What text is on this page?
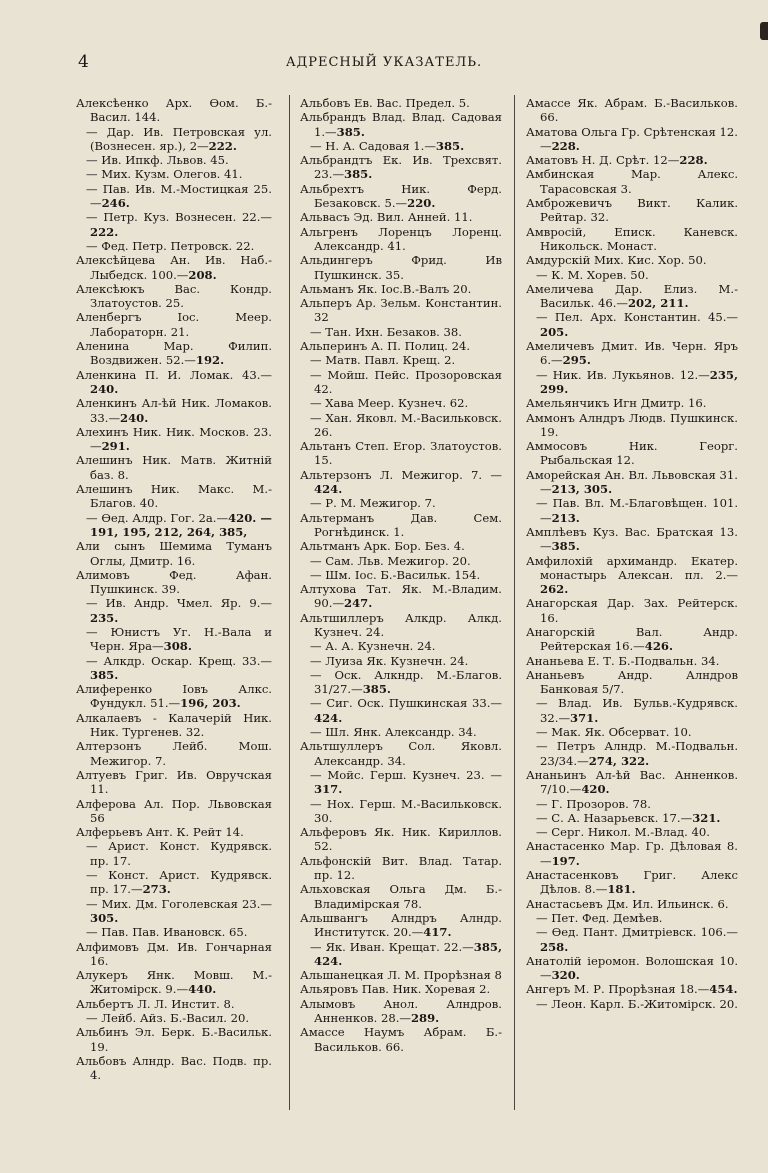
4	АДРЕСНЫЙ УКАЗАТЕЛЬ.
Алексѣенко Арх. Ѳом. Б.-Васил. 144.
— Дар. Ив. Петровская ул. (Вознесен. яр.), 2—222.
— Ив. Ипкф. Львов. 45.
— Мих. Кузм. Олегов. 41.
— Пав. Ив. М.-Мостицкая 25.—246.
— Петр. Куз. Вознесен. 22.—222.
— Фед. Петр. Петровск. 22.
Алексѣйцева Ан. Ив. Наб.-Лыбедск. 100.—208.
Алексѣюкъ Вас. Кондр. Златоустов. 25.
Аленбергъ Іос. Меер. Лабораторн. 21.
Аленина Мар. Филип. Воздвижен. 52.—192.
Аленкина П. И. Ломак. 43.—240.
Аленкинъ Ал-ѣй Ник. Ломаков. 33.—240.
Алехинъ Ник. Ник. Москов. 23.—291.
Алешинъ Ник. Матв. Житній баз. 8.
Алешинъ Ник. Макс. М.-Благов. 40.
— Ѳед. Алдр. Гог. 2а.—420. —191, 195, 212, 264, 385,
Али сынъ Шемима Туманъ Оглы, Дмитр. 16.
Алимовъ Фед. Афан. Пушкинск. 39.
— Ив. Андр. Чмел. Яр. 9.—235.
— Юнистъ Уг. Н.-Вала и Черн. Яра—308.
— Алкдр. Оскар. Крещ. 33.—385.
Алиференко Іовъ Алкс. Фундукл. 51.—196, 203.
Алкалаевъ - Калачерій Ник. Ник. Тургенев. 32.
Алтерзонъ Лейб. Мош. Межигор. 7.
Алтуевъ Григ. Ив. Овручская 11.
Алферова Ал. Пор. Львовская 56
Алферьевъ Ант. К. Рейт 14.
— Арист. Конст. Кудрявск. пр. 17.
— Конст. Арист. Кудрявск. пр. 17.—273.
— Мих. Дм. Гоголевская 23.—305.
— Пав. Пав. Ивановск. 65.
Алфимовъ Дм. Ив. Гончарная 16.
Алукеръ Янк. Мовш. М.-Житомірск. 9.—440.
Альбертъ Л. Л. Инстит. 8.
— Лейб. Айз. Б.-Васил. 20.
Альбинъ Эл. Берк. Б.-Васильк. 19.
Альбовъ Алндр. Вас. Подв. пр. 4.
Альбовъ Ев. Вас. Предел. 5.
Альбрандъ Влад. Влад. Садовая 1.—385.
— Н. А. Садовая 1.—385.
Альбрандтъ Ек. Ив. Трехсвят. 23.—385.
Альбрехтъ Ник. Ферд. Безаковск. 5.—220.
Альвасъ Эд. Вил. Анней. 11.
Альгренъ Лоренцъ Лоренц. Александр. 41.
Альдингеръ Фрид. Ив Пушкинск. 35.
Альманъ Як. Іос.В.-Валъ 20.
Альперъ Ар. Зельм. Константин. 32
— Тан. Ихн. Безаков. 38.
Альперинъ А. П. Полиц. 24.
— Матв. Павл. Крещ. 2.
— Мойш. Пейс. Прозоровская 42.
— Хава Меер. Кузнеч. 62.
— Хан. Яковл. М.-Васильковск. 26.
Альтанъ Степ. Егор. Златоустов. 15.
Альтерзонъ Л. Межигор. 7. —424.
— Р. М. Межигор. 7.
Альтерманъ Дав. Сем. Рогнѣдинск. 1.
Альтманъ Арк. Бор. Без. 4.
— Сам. Льв. Межигор. 20.
— Шм. Іос. Б.-Васильк. 154.
Алтухова Тат. Як. М.-Владим. 90.—247.
Альтшиллеръ Алкдр. Алкд. Кузнеч. 24.
— А. А. Кузнечн. 24.
— Луиза Як. Кузнечн. 24.
— Оск. Алкндр. М.-Благов. 31/27.—385.
— Сиг. Оск. Пушкинская 33.—424.
— Шл. Янк. Александр. 34.
Альтшуллеръ Сол. Яковл. Александр. 34.
— Мойс. Герш. Кузнеч. 23. —317.
— Нох. Герш. М.-Васильковск. 30.
Альферовъ Як. Ник. Кириллов. 52.
Альфонскій Вит. Влад. Татар. пр. 12.
Альховская Ольга Дм. Б.-Владимірская 78.
Альшвангъ Алндръ Алндр. Институтск. 20.—417.
— Як. Иван. Крещат. 22.—385, 424.
Альшанецкая Л. М. Прорѣзная 8
Альяровъ Пав. Ник. Хоревая 2.
Алымовъ Анол. Алндров. Анненков. 28.—289.
Амассе Наумъ Абрам. Б.-Васильков. 66.
Амассе Як. Абрам. Б.-Васильков. 66.
Аматова Ольга Гр. Срѣтенская 12.—228.
Аматовъ Н. Д. Срѣт. 12—228.
Амбинская Мар. Алекс. Тарасовская 3.
Амброжевичъ Викт. Калик. Рейтар. 32.
Амвросій, Еписк. Каневск. Никольск. Монаст.
Амдурскій Мих. Кис. Хор. 50.
— К. М. Хорев. 50.
Амеличева Дар. Елиз. М.-Васильк. 46.—202, 211.
— Пел. Арх. Константин. 45.—205.
Амеличевъ Дмит. Ив. Черн. Яръ 6.—295.
— Ник. Ив. Лукьянов. 12.—235, 299.
Амельянчикъ Игн Дмитр. 16.
Аммонъ Алндръ Людв. Пушкинск. 19.
Аммосовъ Ник. Георг. Рыбальская 12.
Аморейская Ан. Вл. Львовская 31.—213, 305.
— Пав. Вл. М.-Благовѣщен. 101.—213.
Амплѣевъ Куз. Вас. Братская 13.—385.
Амфилохій архимандр. Екатер. монастырь Алексан. пл. 2.—262.
Анагорская Дар. Зах. Рейтерск. 16.
Анагорскій Вал. Андр. Рейтерская 16.—426.
Ананьева Е. Т. Б.-Подвальн. 34.
Ананьевъ Андр. Алндров Банковая 5/7.
— Влад. Ив. Бульв.-Кудрявск. 32.—371.
— Мак. Як. Обсерват. 10.
— Петръ Алндр. М.-Подвальн. 23/34.—274, 322.
Ананьинъ Ал-ѣй Вас. Анненков. 7/10.—420.
— Г. Прозоров. 78.
— С. А. Назарьевск. 17.—321.
— Серг. Никол. М.-Влад. 40.
Анастасенко Мар. Гр. Дѣловая 8.—197.
Анастасенковъ Григ. Алекс Дѣлов. 8.—181.
Анастасьевъ Дм. Ил. Ильинск. 6.
— Пет. Фед. Демѣев.
— Ѳед. Пант. Дмитріевск. 106.—258.
Анатолій іеромон. Волошская 10.—320.
Ангеръ М. Р. Прорѣзная 18.—454.
— Леон. Карл. Б.-Житомірск. 20.
